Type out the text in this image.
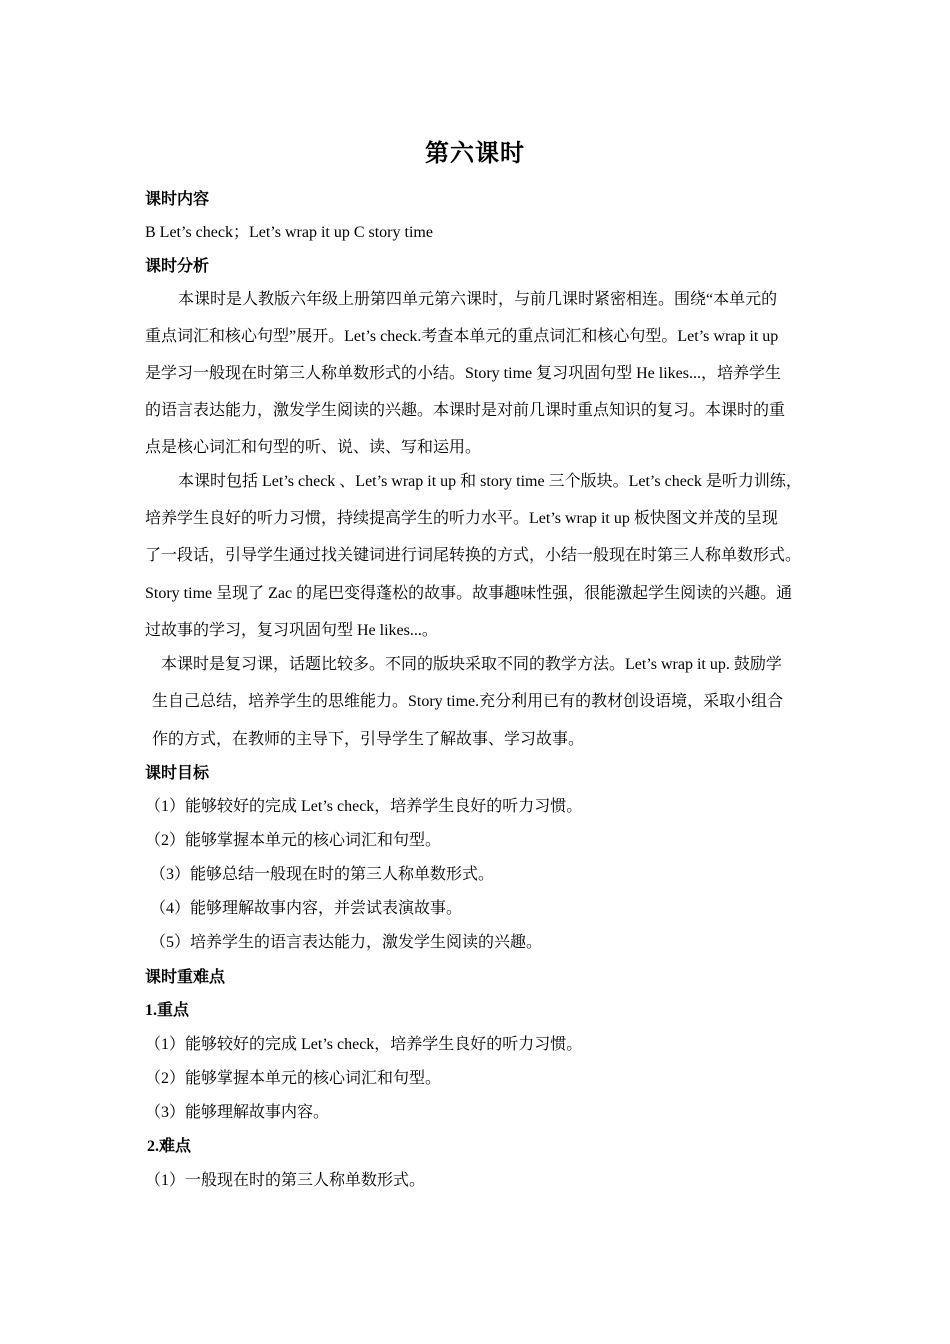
第六课时
课时内容
B Let’s check；Let’s wrap it up C story time
课时分析
本课时是人教版六年级上册第四单元第六课时，与前几课时紧密相连。围绕“本单元的
重点词汇和核心句型”展开。Let’s check.考查本单元的重点词汇和核心句型。Let’s wrap it up
是学习一般现在时第三人称单数形式的小结。Story time 复习巩固句型 He likes...，培养学生
的语言表达能力，激发学生阅读的兴趣。本课时是对前几课时重点知识的复习。本课时的重
点是核心词汇和句型的听、说、读、写和运用。
本课时包括 Let’s check 、Let’s wrap it up 和 story time 三个版块。Let’s check 是听力训练，
培养学生良好的听力习惯，持续提高学生的听力水平。Let’s wrap it up 板快图文并茂的呈现
了一段话，引导学生通过找关键词进行词尾转换的方式，小结一般现在时第三人称单数形式。
Story time 呈现了 Zac 的尾巴变得蓬松的故事。故事趣味性强，很能激起学生阅读的兴趣。通
过故事的学习，复习巩固句型 He likes...。
本课时是复习课，话题比较多。不同的版块采取不同的教学方法。Let’s wrap it up. 鼓励学
生自己总结，培养学生的思维能力。Story time.充分利用已有的教材创设语境，采取小组合
作的方式，在教师的主导下，引导学生了解故事、学习故事。
课时目标
（1）能够较好的完成 Let’s check，培养学生良好的听力习惯。
（2）能够掌握本单元的核心词汇和句型。
（3）能够总结一般现在时的第三人称单数形式。
（4）能够理解故事内容，并尝试表演故事。
（5）培养学生的语言表达能力，激发学生阅读的兴趣。
课时重难点
1.重点
（1）能够较好的完成 Let’s check，培养学生良好的听力习惯。
（2）能够掌握本单元的核心词汇和句型。
（3）能够理解故事内容。
2.难点
（1）一般现在时的第三人称单数形式。
